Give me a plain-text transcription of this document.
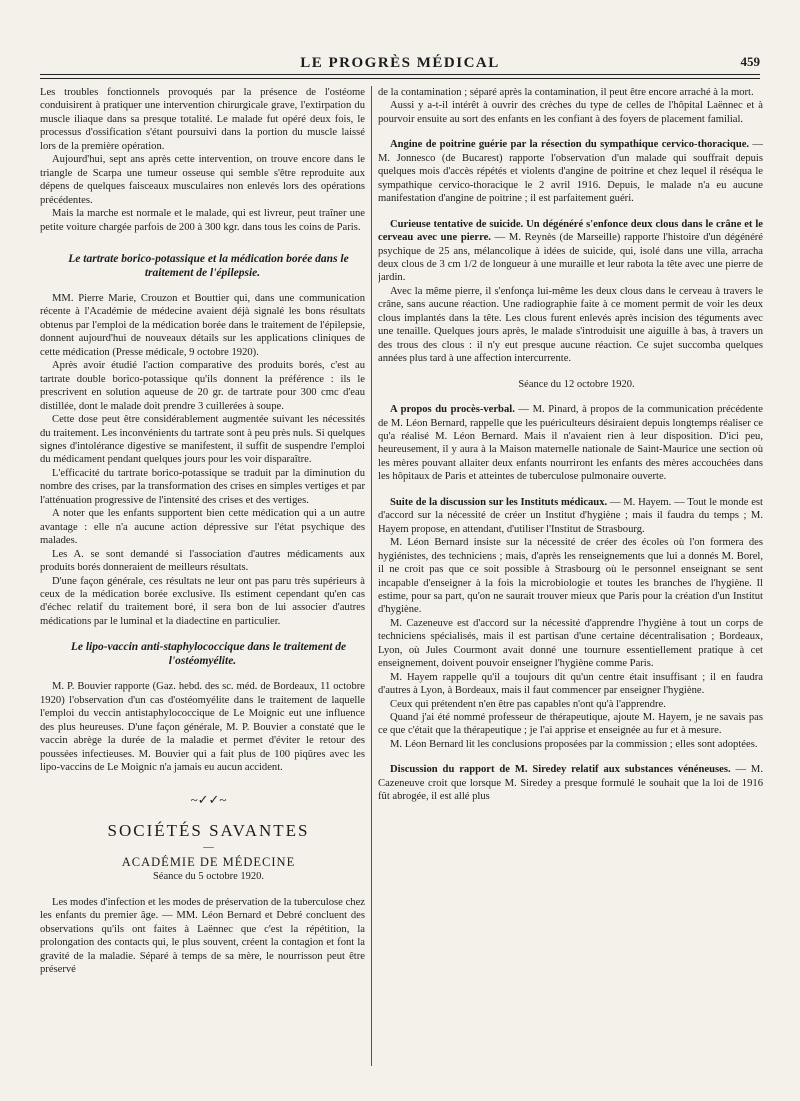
LE PROGRÈS MÉDICAL	459

Les troubles fonctionnels provoqués par la présence de l'ostéome conduisirent à pratiquer une intervention chirurgicale grave, l'extirpation du muscle iliaque dans sa presque totalité. Le malade fut opéré deux fois, le processus d'ossification s'étant poursuivi dans la portion du muscle laissé lors de la première opération.

Aujourd'hui, sept ans après cette intervention, on trouve encore dans le triangle de Scarpa une tumeur osseuse qui semble s'être reproduite aux dépens de quelques faisceaux musculaires non enlevés lors des opérations précédentes.

Mais la marche est normale et le malade, qui est livreur, peut traîner une petite voiture chargée parfois de 200 à 300 kgr. dans tous les coins de Paris.

Le tartrate borico-potassique et la médication borée dans le traitement de l'épilepsie.

MM. Pierre Marie, Crouzon et Bouttier qui, dans une communication récente à l'Académie de médecine avaient déjà signalé les bons résultats obtenus par l'emploi de la médication borée dans le traitement de l'épilepsie, donnent aujourd'hui de nouveaux détails sur les applications cliniques de cette médication (Presse médicale, 9 octobre 1920).

Après avoir étudié l'action comparative des produits borés, c'est au tartrate double borico-potassique qu'ils donnent la préférence : ils le prescrivent en solution aqueuse de 20 gr. de tartrate pour 300 cmc d'eau distillée, dont le malade doit prendre 3 cuillerées à soupe.

Cette dose peut être considérablement augmentée suivant les nécessités du traitement. Les inconvénients du tartrate sont à peu près nuls. Si quelques signes d'intolérance digestive se manifestent, il suffit de suspendre l'emploi du médicament pendant quelques jours pour les voir disparaître.

L'efficacité du tartrate borico-potassique se traduit par la diminution du nombre des crises, par la transformation des crises en simples vertiges et par l'atténuation progressive de l'intensité des crises et des vertiges.

A noter que les enfants supportent bien cette médication qui a un autre avantage : elle n'a aucune action dépressive sur l'état psychique des malades.

Les A. se sont demandé si l'association d'autres médicaments aux produits borés donneraient de meilleurs résultats.

D'une façon générale, ces résultats ne leur ont pas paru très supérieurs à ceux de la médication borée exclusive. Ils estiment cependant qu'en cas d'échec relatif du traitement boré, il sera bon de lui associer d'autres médications par le luminal et la diadectine en particulier.

Le lipo-vaccin anti-staphylococcique dans le traitement de l'ostéomyélite.

M. P. Bouvier rapporte (Gaz. hebd. des sc. méd. de Bordeaux, 11 octobre 1920) l'observation d'un cas d'ostéomyélite dans le traitement de laquelle l'emploi du veccin antistaphylococcique de Le Moignic eut une influence des plus heureuses. D'une façon générale, M. P. Bouvier a constaté que le vaccin abrège la durée de la maladie et permet d'éviter le retour des poussées infectieuses. M. Bouvier qui a fait plus de 100 piqûres avec les lipo-vaccins de Le Moignic n'a jamais eu aucun accident.

~✓✓~

SOCIÉTÉS SAVANTES

—

ACADÉMIE DE MÉDECINE

Séance du 5 octobre 1920.

Les modes d'infection et les modes de préservation de la tuberculose chez les enfants du premier âge. — MM. Léon Bernard et Debré concluent des observations qu'ils ont faites à Laënnec que c'est la répétition, la prolongation des contacts qui, le plus souvent, créent la contagion et font la gravité de la maladie. Séparé à temps de sa mère, le nourrisson peut être préservé

de la contamination ; séparé après la contamination, il peut être encore arraché à la mort.

Aussi y a-t-il intérêt à ouvrir des crèches du type de celles de l'hôpital Laënnec et à pourvoir ensuite au sort des enfants en les confiant à des foyers de placement familial.

Angine de poitrine guérie par la résection du sympathique cervico-thoracique. — M. Jonnesco (de Bucarest) rapporte l'observation d'un malade qui souffrait depuis quelques mois d'accès répétés et violents d'angine de poitrine et chez lequel il réséqua le sympathique cervico-thoracique le 2 avril 1916. Depuis, le malade n'a eu aucune manifestation d'angine de poitrine ; il est parfaitement guéri.

Curieuse tentative de suicide. Un dégénéré s'enfonce deux clous dans le crâne et le cerveau avec une pierre. — M. Reynès (de Marseille) rapporte l'histoire d'un dégénéré psychique de 25 ans, mélancolique à idées de suicide, qui, isolé dans une villa, arracha deux clous de 3 cm 1/2 de longueur à une muraille et leur rabota la tête avec une pierre de jardin.

Avec la même pierre, il s'enfonça lui-même les deux clous dans le cerveau à travers le crâne, sans aucune réaction. Une radiographie faite à ce moment permit de voir les deux clous implantés dans la tête. Les clous furent enlevés après incision des téguments avec une tenaille. Quelques jours après, le malade s'introduisit une aiguille à bas, à travers un des trous des clous : il n'y eut presque aucune réaction. Ce sujet succomba quelques années plus tard à une affection intercurrente.

Séance du 12 octobre 1920.

A propos du procès-verbal. — M. Pinard, à propos de la communication précédente de M. Léon Bernard, rappelle que les puériculteurs désiraient depuis longtemps réaliser ce qu'a réalisé M. Léon Bernard. Mais il n'avaient rien à leur disposition. D'ici peu, heureusement, il y aura à la Maison maternelle nationale de Saint-Maurice une section où les mères pouvant allaiter deux enfants nourriront les enfants des mères accouchées dans les hôpitaux de Paris et atteintes de tuberculose pulmonaire ouverte.

Suite de la discussion sur les Instituts médicaux. — M. Hayem. — Tout le monde est d'accord sur la nécessité de créer un Institut d'hygiène ; mais il faudra du temps ; M. Hayem propose, en attendant, d'utiliser l'Institut de Strasbourg.

M. Léon Bernard insiste sur la nécessité de créer des écoles où l'on formera des hygiénistes, des techniciens ; mais, d'après les renseignements que lui a donnés M. Borel, il ne croit pas que ce soit possible à Strasbourg où le personnel enseignant se sent incapable d'enseigner à la fois la microbiologie et toutes les branches de l'hygiène. Il estime, pour sa part, qu'on ne saurait trouver mieux que Paris pour la création d'un Institut d'hygiène.

M. Cazeneuve est d'accord sur la nécessité d'apprendre l'hygiène à tout un corps de techniciens spécialisés, mais il est partisan d'une certaine décentralisation ; Bordeaux, Lyon, où Jules Courmont avait donné une tournure essentiellement pratique à cet enseignement, doivent pouvoir enseigner l'hygiène comme Paris.

M. Hayem rappelle qu'il a toujours dit qu'un centre était insuffisant ; il en faudra d'autres à Lyon, à Bordeaux, mais il faut commencer par enseigner l'hygiène.

Ceux qui prétendent n'en être pas capables n'ont qu'à l'apprendre.

Quand j'ai été nommé professeur de thérapeutique, ajoute M. Hayem, je ne savais pas ce que c'était que la thérapeutique ; je l'ai apprise et enseignée au fur et à mesure.

M. Léon Bernard lit les conclusions proposées par la commission ; elles sont adoptées.

Discussion du rapport de M. Siredey relatif aux substances vénéneuses. — M. Cazeneuve croit que lorsque M. Siredey a presque formulé le souhait que la loi de 1916 fût abrogée, il est allé plus
